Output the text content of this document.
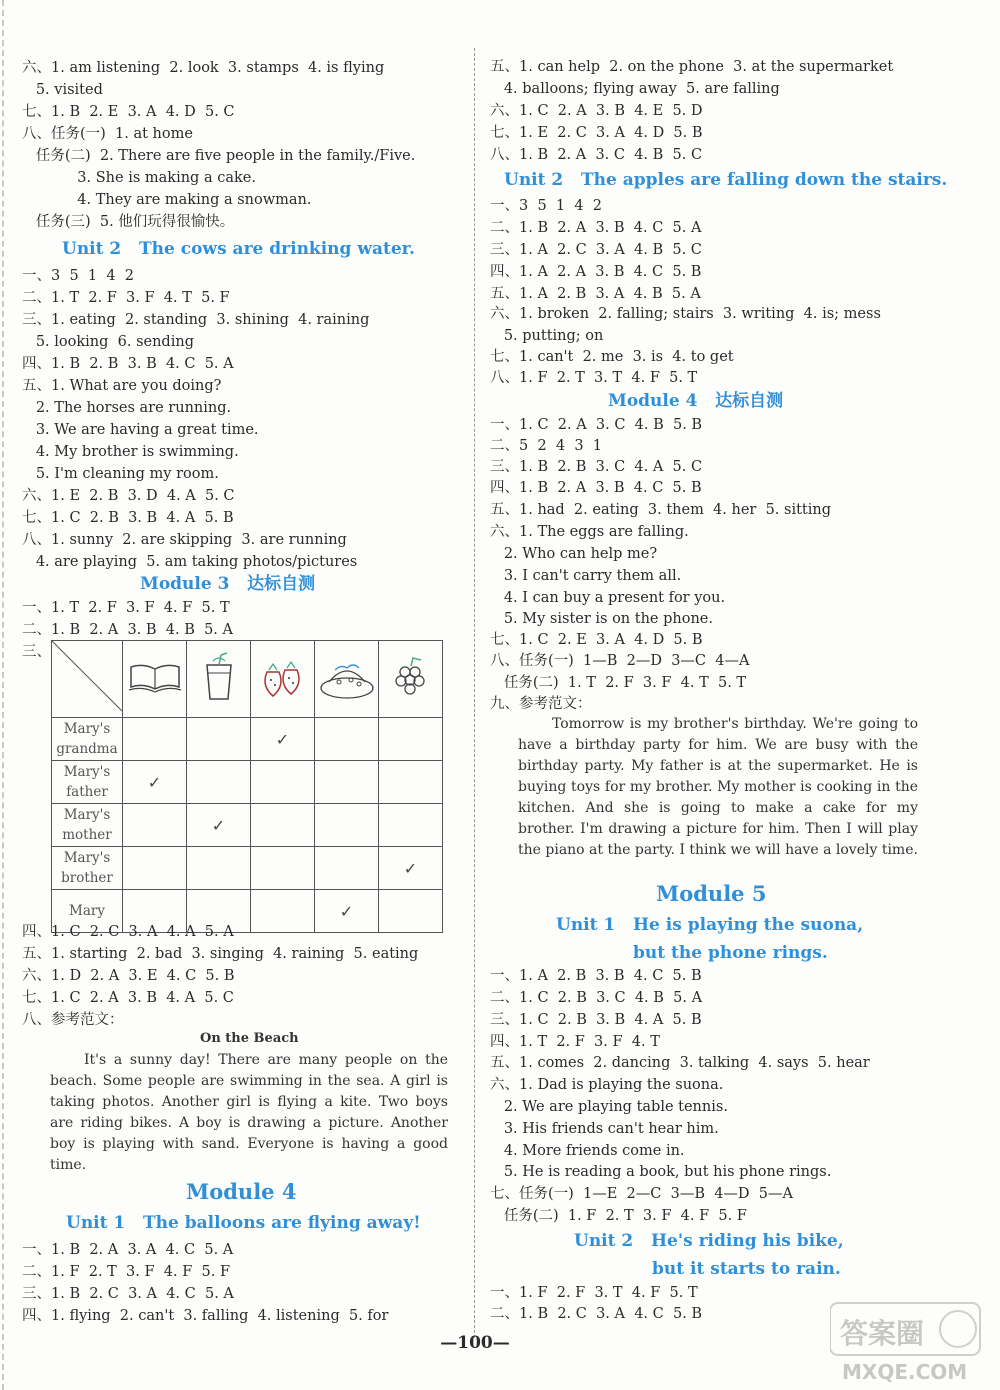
六、1. am listening  2. look  3. stamps  4. is flying
5. visited
七、1. B  2. E  3. A  4. D  5. C
八、任务(一)  1. at home
任务(二)  2. There are five people in the family./Five.
3. She is making a cake.
4. They are making a snowman.
任务(三)  5. 他们玩得很愉快。
Unit 2   The cows are drinking water.
一、3  5  1  4  2
二、1. T  2. F  3. F  4. T  5. F
三、1. eating  2. standing  3. shining  4. raining
5. looking  6. sending
四、1. B  2. B  3. B  4. C  5. A
五、1. What are you doing?
2. The horses are running.
3. We are having a great time.
4. My brother is swimming.
5. I'm cleaning my room.
六、1. E  2. B  3. D  4. A  5. C
七、1. C  2. B  3. B  4. A  5. B
八、1. sunny  2. are skipping  3. are running
4. are playing  5. am taking photos/pictures
Module 3   达标自测
一、1. T  2. F  3. F  4. F  5. T
二、1. B  2. A  3. B  4. B  5. A
三、

Mary's grandma			✓		
Mary's father	✓				
Mary's mother		✓			
Mary's brother					✓
Mary				✓	
四、1. C  2. C  3. A  4. A  5. A
五、1. starting  2. bad  3. singing  4. raining  5. eating
六、1. D  2. A  3. E  4. C  5. B
七、1. C  2. A  3. B  4. A  5. C
八、参考范文：
On the Beach
It's a sunny day! There are many people on the beach. Some people are swimming in the sea. A girl is taking photos. Another girl is flying a kite. Two boys are riding bikes. A boy is drawing a picture. Another boy is playing with sand. Everyone is having a good time.
Module 4
Unit 1   The balloons are flying away!
一、1. B  2. A  3. A  4. C  5. A
二、1. F  2. T  3. F  4. F  5. F
三、1. B  2. C  3. A  4. C  5. A
四、1. flying  2. can't  3. falling  4. listening  5. for
五、1. can help  2. on the phone  3. at the supermarket
4. balloons; flying away  5. are falling
六、1. C  2. A  3. B  4. E  5. D
七、1. E  2. C  3. A  4. D  5. B
八、1. B  2. A  3. C  4. B  5. C
Unit 2   The apples are falling down the stairs.
一、3  5  1  4  2
二、1. B  2. A  3. B  4. C  5. A
三、1. A  2. C  3. A  4. B  5. C
四、1. A  2. A  3. B  4. C  5. B
五、1. A  2. B  3. A  4. B  5. A
六、1. broken  2. falling; stairs  3. writing  4. is; mess
5. putting; on
七、1. can't  2. me  3. is  4. to get
八、1. F  2. T  3. T  4. F  5. T
Module 4   达标自测
一、1. C  2. A  3. C  4. B  5. B
二、5  2  4  3  1
三、1. B  2. B  3. C  4. A  5. C
四、1. B  2. A  3. B  4. C  5. B
五、1. had  2. eating  3. them  4. her  5. sitting
六、1. The eggs are falling.
2. Who can help me?
3. I can't carry them all.
4. I can buy a present for you.
5. My sister is on the phone.
七、1. C  2. E  3. A  4. D  5. B
八、任务(一)  1—B  2—D  3—C  4—A
任务(二)  1. T  2. F  3. F  4. T  5. T
九、参考范文：
Tomorrow is my brother's birthday. We're going to have a birthday party for him. We are busy with the birthday party. My father is at the supermarket. He is buying toys for my brother. My mother is cooking in the kitchen. And she is going to make a cake for my brother. I'm drawing a picture for him. Then I will play the piano at the party. I think we will have a lovely time.
Module 5
Unit 1   He is playing the suona,
but the phone rings.
一、1. A  2. B  3. B  4. C  5. B
二、1. C  2. B  3. C  4. B  5. A
三、1. C  2. B  3. B  4. A  5. B
四、1. T  2. F  3. F  4. T
五、1. comes  2. dancing  3. talking  4. says  5. hear
六、1. Dad is playing the suona.
2. We are playing table tennis.
3. His friends can't hear him.
4. More friends come in.
5. He is reading a book, but his phone rings.
七、任务(一)  1—E  2—C  3—B  4—D  5—A
任务(二)  1. F  2. T  3. F  4. F  5. F
Unit 2   He's riding his bike,
but it starts to rain.
一、1. F  2. F  3. T  4. F  5. T
二、1. B  2. C  3. A  4. C  5. B
—100—	答案圈
MXQE.COM
